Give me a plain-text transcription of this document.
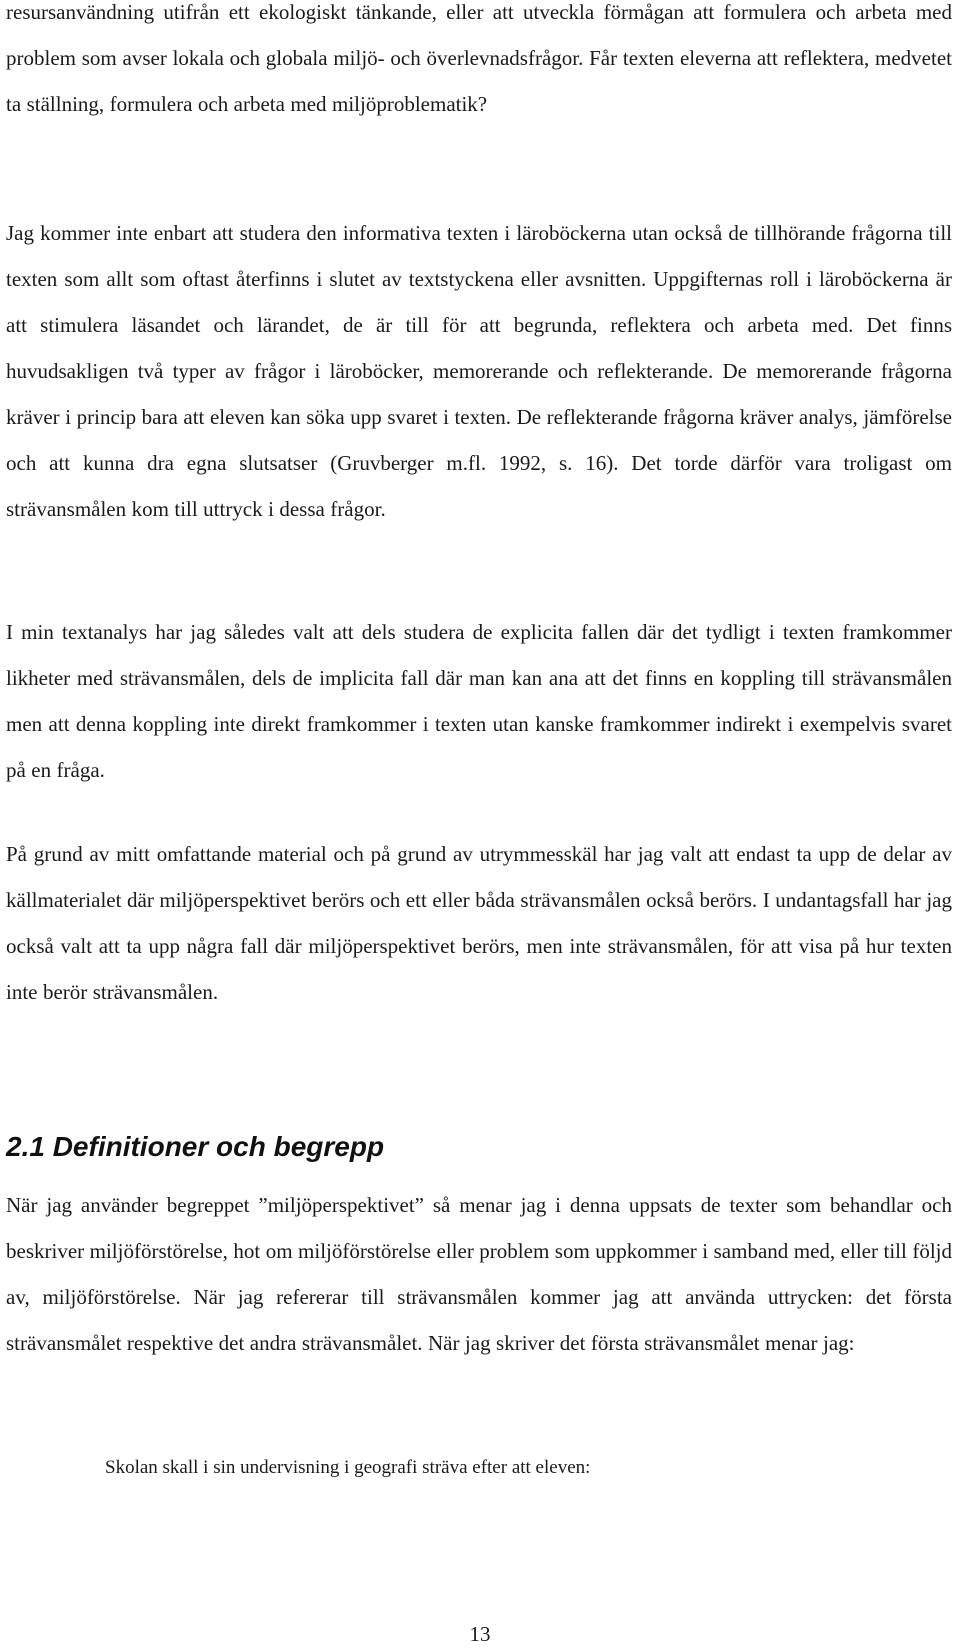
resursanvändning utifrån ett ekologiskt tänkande, eller att utveckla förmågan att formulera och arbeta med problem som avser lokala och globala miljö- och överlevnadsfrågor. Får texten eleverna att reflektera, medvetet ta ställning, formulera och arbeta med miljöproblematik?

Jag kommer inte enbart att studera den informativa texten i läroböckerna utan också de tillhörande frågorna till texten som allt som oftast återfinns i slutet av textstyckena eller avsnitten. Uppgifternas roll i läroböckerna är att stimulera läsandet och lärandet, de är till för att begrunda, reflektera och arbeta med. Det finns huvudsakligen två typer av frågor i läroböcker, memorerande och reflekterande. De memorerande frågorna kräver i princip bara att eleven kan söka upp svaret i texten. De reflekterande frågorna kräver analys, jämförelse och att kunna dra egna slutsatser (Gruvberger m.fl. 1992, s. 16). Det torde därför vara troligast om strävansmålen kom till uttryck i dessa frågor.

I min textanalys har jag således valt att dels studera de explicita fallen där det tydligt i texten framkommer likheter med strävansmålen, dels de implicita fall där man kan ana att det finns en koppling till strävansmålen men att denna koppling inte direkt framkommer i texten utan kanske framkommer indirekt i exempelvis svaret på en fråga.

På grund av mitt omfattande material och på grund av utrymmesskäl har jag valt att endast ta upp de delar av källmaterialet där miljöperspektivet berörs och ett eller båda strävansmålen också berörs. I undantagsfall har jag också valt att ta upp några fall där miljöperspektivet berörs, men inte strävansmålen, för att visa på hur texten inte berör strävansmålen.

2.1 Definitioner och begrepp

När jag använder begreppet ”miljöperspektivet” så menar jag i denna uppsats de texter som behandlar och beskriver miljöförstörelse, hot om miljöförstörelse eller problem som uppkommer i samband med, eller till följd av, miljöförstörelse. När jag refererar till strävansmålen kommer jag att använda uttrycken: det första strävansmålet respektive det andra strävansmålet. När jag skriver det första strävansmålet menar jag:

Skolan skall i sin undervisning i geografi sträva efter att eleven:

13
